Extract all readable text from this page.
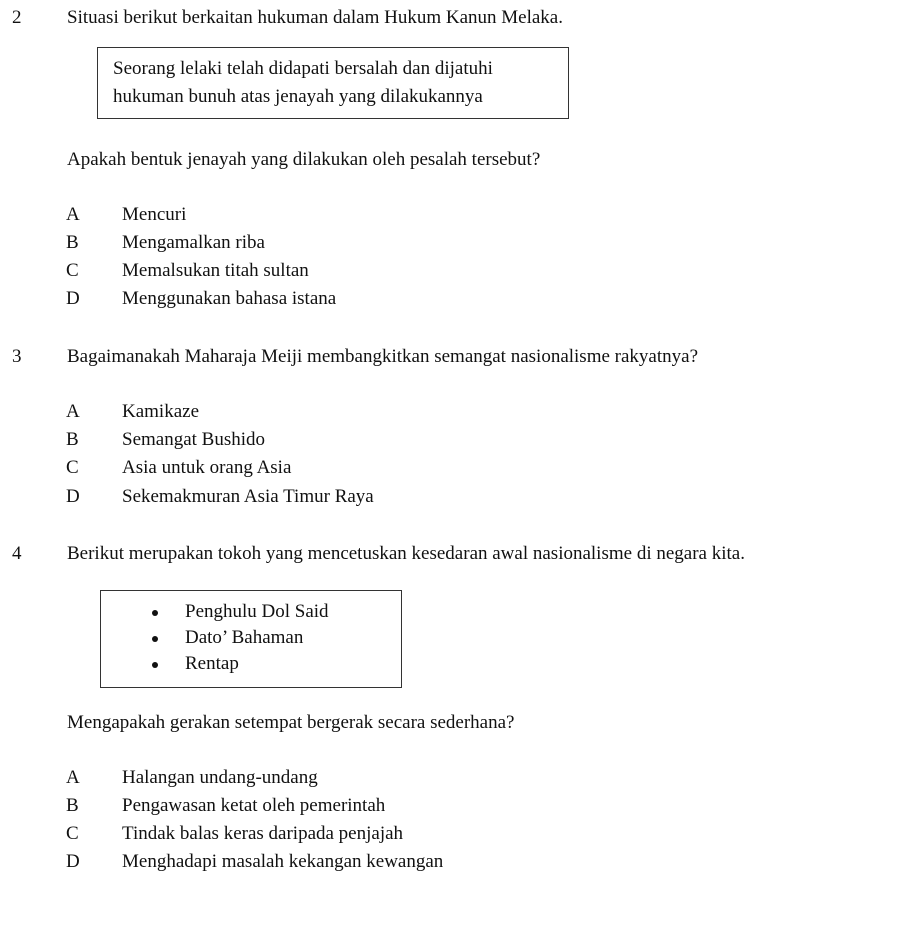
2 Situasi berikut berkaitan hukuman dalam Hukum Kanun Melaka.
Seorang lelaki telah didapati bersalah dan dijatuhi
hukuman bunuh atas jenayah yang dilakukannya
Apakah bentuk jenayah yang dilakukan oleh pesalah tersebut?
A Mencuri
B Mengamalkan riba
C Memalsukan titah sultan
D Menggunakan bahasa istana
3 Bagaimanakah Maharaja Meiji membangkitkan semangat nasionalisme rakyatnya?
A Kamikaze
B Semangat Bushido
C Asia untuk orang Asia
D Sekemakmuran Asia Timur Raya
4 Berikut merupakan tokoh yang mencetuskan kesedaran awal nasionalisme di negara kita.
Penghulu Dol Said
Dato’ Bahaman
Rentap
Mengapakah gerakan setempat bergerak secara sederhana?
A Halangan undang-undang
B Pengawasan ketat oleh pemerintah
C Tindak balas keras daripada penjajah
D Menghadapi masalah kekangan kewangan
